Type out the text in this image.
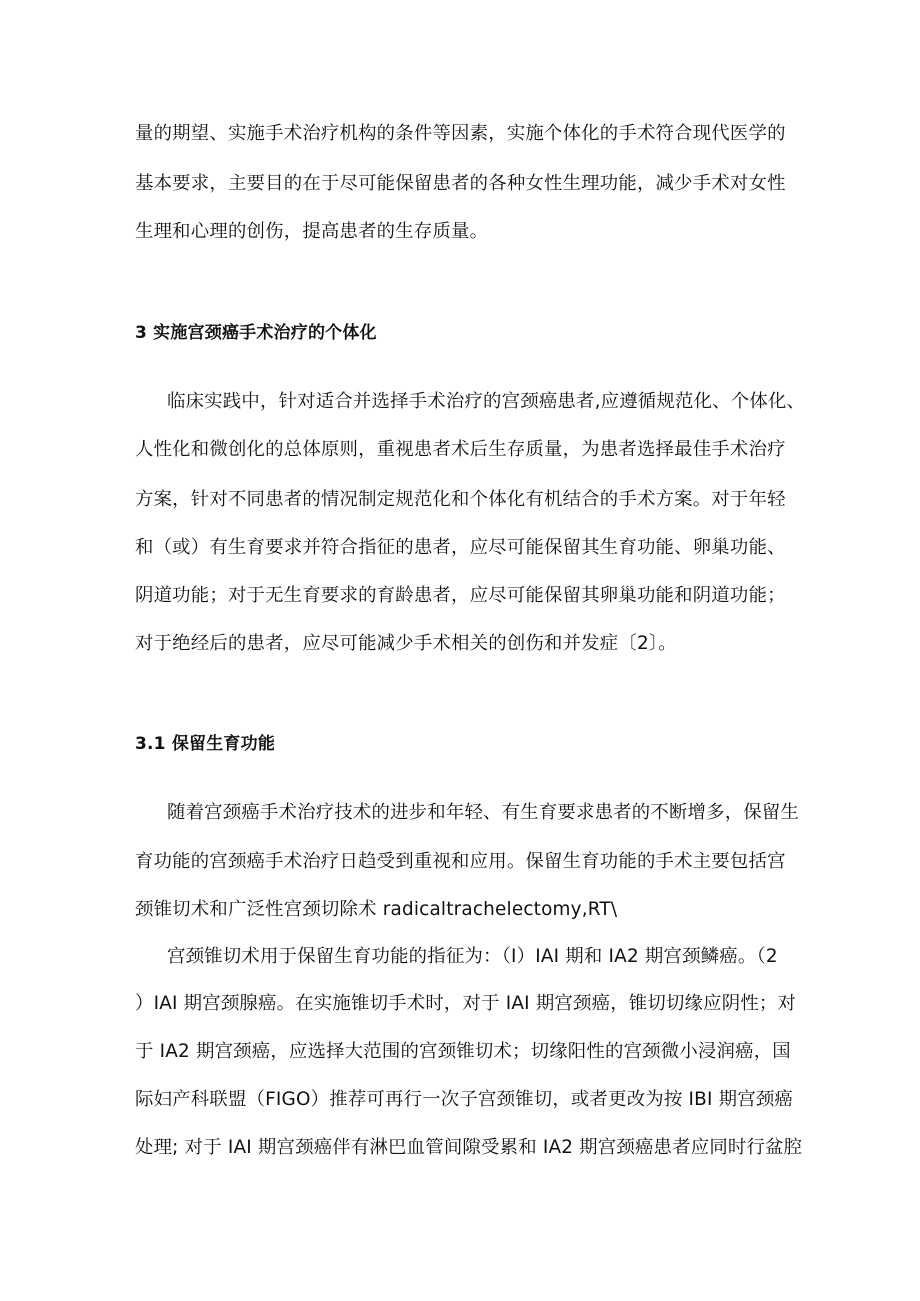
量的期望、实施手术治疗机构的条件等因素，实施个体化的手术符合现代医学的
基本要求，主要目的在于尽可能保留患者的各种女性生理功能，减少手术对女性
生理和心理的创伤，提高患者的生存质量。
3 实施宫颈癌手术治疗的个体化
临床实践中，针对适合并选择手术治疗的宫颈癌患者,应遵循规范化、个体化、
人性化和微创化的总体原则，重视患者术后生存质量，为患者选择最佳手术治疗
方案，针对不同患者的情况制定规范化和个体化有机结合的手术方案。对于年轻
和（或）有生育要求并符合指征的患者，应尽可能保留其生育功能、卵巢功能、
阴道功能；对于无生育要求的育龄患者，应尽可能保留其卵巢功能和阴道功能；
对于绝经后的患者，应尽可能减少手术相关的创伤和并发症〔2〕。
3.1 保留生育功能
随着宫颈癌手术治疗技术的进步和年轻、有生育要求患者的不断增多，保留生
育功能的宫颈癌手术治疗日趋受到重视和应用。保留生育功能的手术主要包括宫
颈锥切术和广泛性宫颈切除术 radicaltrachelectomy,RT\
宫颈锥切术用于保留生育功能的指征为：（I）IAI 期和 IA2 期宫颈鳞癌。（2
）IAI 期宫颈腺癌。在实施锥切手术时，对于 IAI 期宫颈癌，锥切切缘应阴性；对
于 IA2 期宫颈癌，应选择大范围的宫颈锥切术；切缘阳性的宫颈微小浸润癌，国
际妇产科联盟（FIGO）推荐可再行一次子宫颈锥切，或者更改为按 IBI 期宫颈癌
处理; 对于 IAI 期宫颈癌伴有淋巴血管间隙受累和 IA2 期宫颈癌患者应同时行盆腔
